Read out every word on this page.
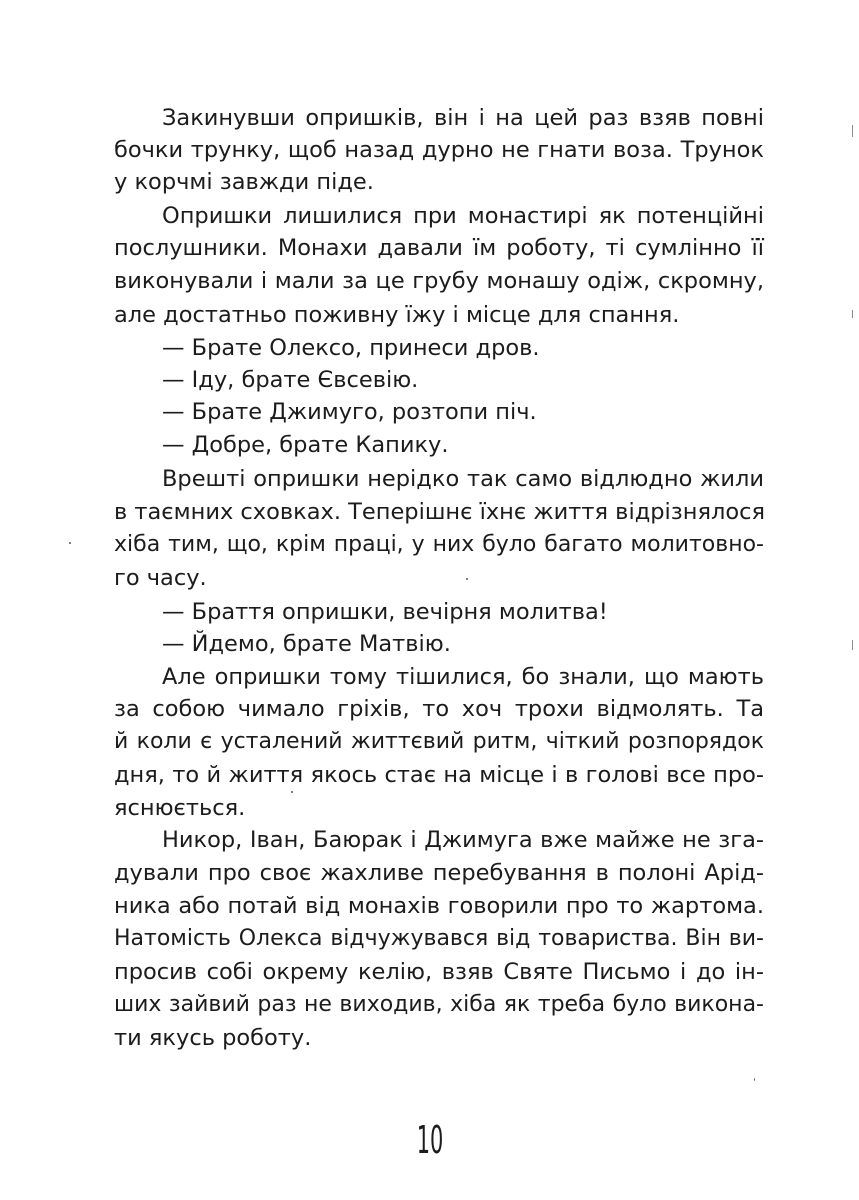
Закинувши опришків, він і на цей раз взяв повні
бочки трунку, щоб назад дурно не гнати воза. Трунок
у корчмі завжди піде.
Опришки лишилися при монастирі як потенційні
послушники. Монахи давали їм роботу, ті сумлінно її
виконували і мали за це грубу монашу одіж, скромну,
але достатньо поживну їжу і місце для спання.
— Брате Олексо, принеси дров.
— Іду, брате Євсевію.
— Брате Джимуго, розтопи піч.
— Добре, брате Капику.
Врешті опришки нерідко так само відлюдно жили
в таємних сховках. Теперішнє їхнє життя відрізнялося
хіба тим, що, крім праці, у них було багато молитовно-
го часу.
— Браття опришки, вечірня молитва!
— Йдемо, брате Матвію.
Але опришки тому тішилися, бо знали, що мають
за собою чимало гріхів, то хоч трохи відмолять. Та
й коли є усталений життєвий ритм, чіткий розпорядок
дня, то й життя якось стає на місце і в голові все про-
яснюється.
Никор, Іван, Баюрак і Джимуга вже майже не зга-
дували про своє жахливе перебування в полоні Арід-
ника або потай від монахів говорили про то жартома.
Натомість Олекса відчужувався від товариства. Він ви-
просив собі окрему келію, взяв Святе Письмо і до ін-
ших зайвий раз не виходив, хіба як треба було викона-
ти якусь роботу.
10
